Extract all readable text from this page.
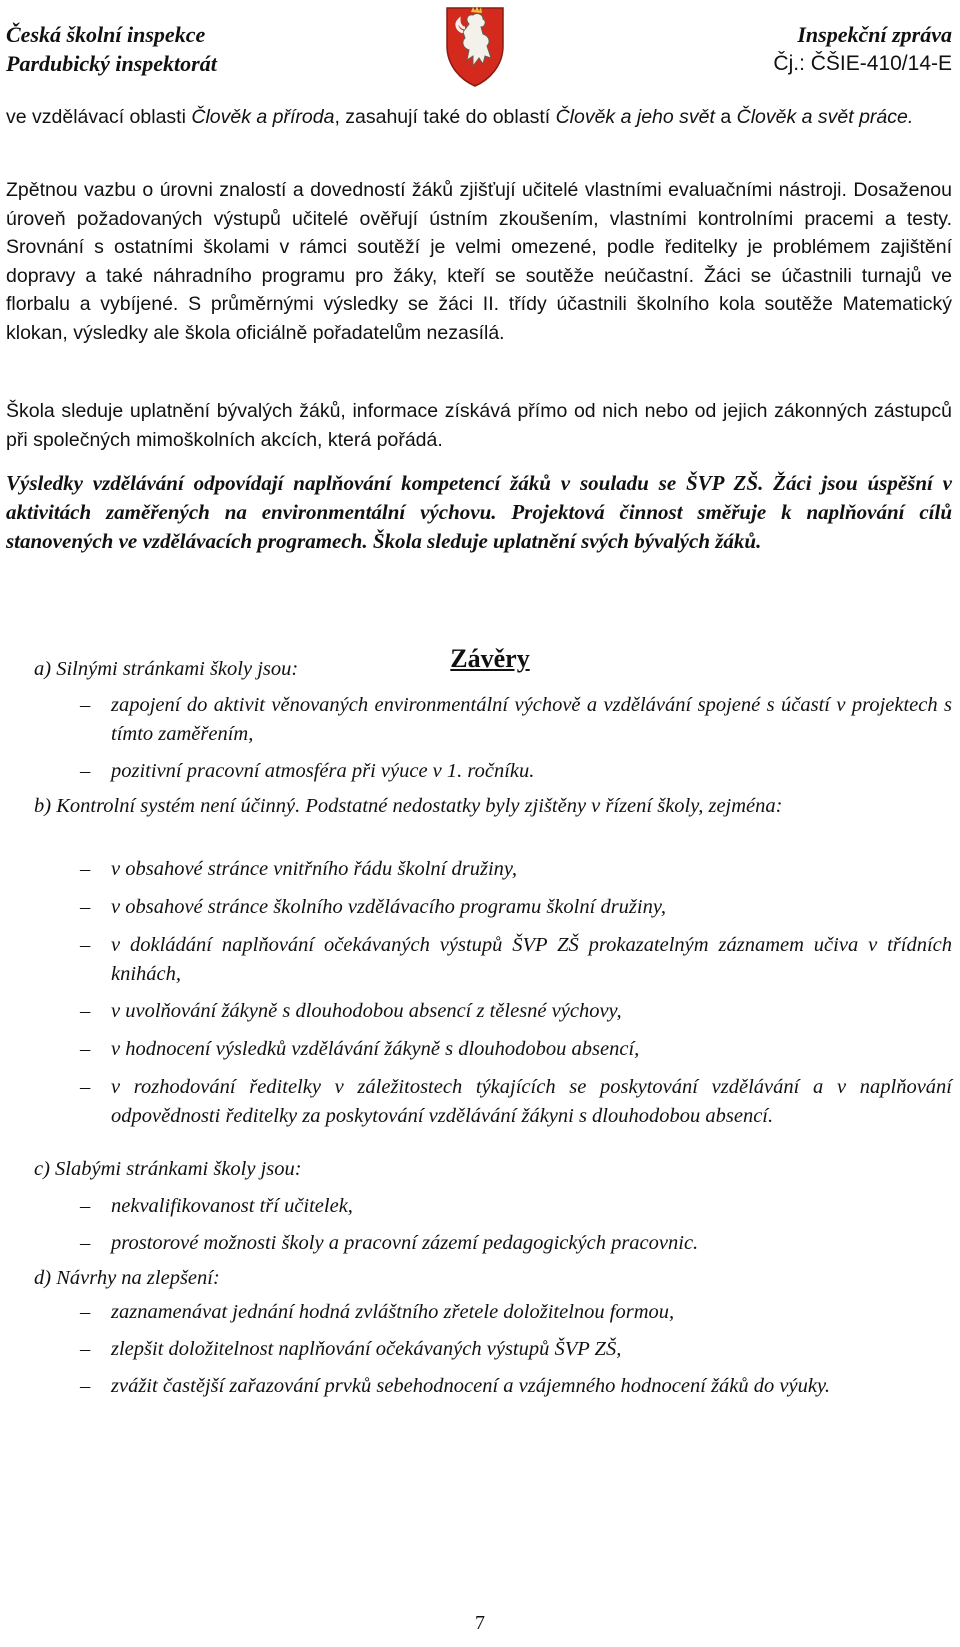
Česká školní inspekce
Pardubický inspektorát
Inspekční zpráva
Čj.: ČŠIE-410/14-E
ve vzdělávací oblasti Člověk a příroda, zasahují také do oblastí Člověk a jeho svět a Člověk a svět práce.
Zpětnou vazbu o úrovni znalostí a dovedností žáků zjišťují učitelé vlastními evaluačními nástroji. Dosaženou úroveň požadovaných výstupů učitelé ověřují ústním zkoušením, vlastními kontrolními pracemi a testy. Srovnání s ostatními školami v rámci soutěží je velmi omezené, podle ředitelky je problémem zajištění dopravy a také náhradního programu pro žáky, kteří se soutěže neúčastní. Žáci se účastnili turnajů ve florbalu a vybíjené. S průměrnými výsledky se žáci II. třídy účastnili školního kola soutěže Matematický klokan, výsledky ale škola oficiálně pořadatelům nezasílá.
Škola sleduje uplatnění bývalých žáků, informace získává přímo od nich nebo od jejich zákonných zástupců při společných mimoškolních akcích, která pořádá.
Výsledky vzdělávání odpovídají naplňování kompetencí žáků v souladu se ŠVP ZŠ. Žáci jsou úspěšní v aktivitách zaměřených na environmentální výchovu. Projektová činnost směřuje k naplňování cílů stanovených ve vzdělávacích programech. Škola sleduje uplatnění svých bývalých žáků.
Závěry
a) Silnými stránkami školy jsou:
– zapojení do aktivit věnovaných environmentální výchově a vzdělávání spojené s účastí v projektech s tímto zaměřením,
– pozitivní pracovní atmosféra při výuce v 1. ročníku.
b) Kontrolní systém není účinný. Podstatné nedostatky byly zjištěny v řízení školy, zejména:
– v obsahové stránce vnitřního řádu školní družiny,
– v obsahové stránce školního vzdělávacího programu školní družiny,
– v dokládání naplňování očekávaných výstupů ŠVP ZŠ prokazatelným záznamem učiva v třídních knihách,
– v uvolňování žákyně s dlouhodobou absencí z tělesné výchovy,
– v hodnocení výsledků vzdělávání žákyně s dlouhodobou absencí,
– v rozhodování ředitelky v záležitostech týkajících se poskytování vzdělávání a v naplňování odpovědnosti ředitelky za poskytování vzdělávání žákyni s dlouhodobou absencí.
c) Slabými stránkami školy jsou:
– nekvalifikovanost tří učitelek,
– prostorové možnosti školy a pracovní zázemí pedagogických pracovnic.
d) Návrhy na zlepšení:
– zaznamenávat jednání hodná zvláštního zřetele doložitelnou formou,
– zlepšit doložitelnost naplňování očekávaných výstupů ŠVP ZŠ,
– zvážit častější zařazování prvků sebehodnocení a vzájemného hodnocení žáků do výuky.
7
